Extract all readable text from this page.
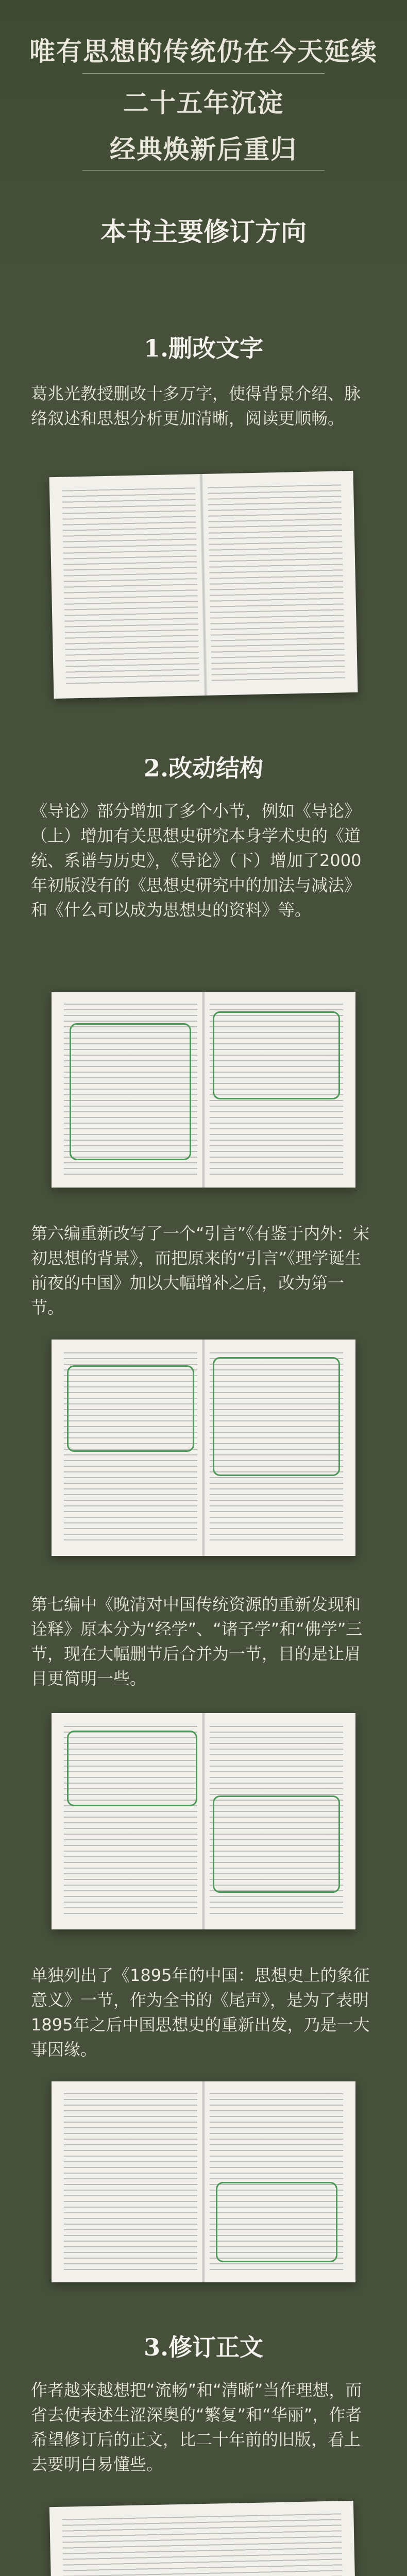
唯有思想的传统仍在今天延续
二十五年沉淀
经典焕新后重归
本书主要修订方向
1.删改文字
葛兆光教授删改十多万字，使得背景介绍、脉络叙述和思想分析更加清晰，阅读更顺畅。
2.改动结构
《导论》部分增加了多个小节，例如《导论》（上）增加有关思想史研究本身学术史的《道统、系谱与历史》，《导论》（下）增加了2000年初版没有的《思想史研究中的加法与减法》和《什么可以成为思想史的资料》等。
第六编重新改写了一个“引言”《有鉴于内外：宋初思想的背景》，而把原来的“引言”《理学诞生前夜的中国》加以大幅增补之后，改为第一节。
第七编中《晚清对中国传统资源的重新发现和诠释》原本分为“经学”、“诸子学”和“佛学”三节，现在大幅删节后合并为一节，目的是让眉目更简明一些。
单独列出了《1895年的中国：思想史上的象征意义》一节，作为全书的《尾声》，是为了表明1895年之后中国思想史的重新出发，乃是一大事因缘。
3.修订正文
作者越来越想把“流畅”和“清晰”当作理想，而省去使表述生涩深奥的“繁复”和“华丽”，作者希望修订后的正文，比二十年前的旧版，看上去要明白易懂些。
